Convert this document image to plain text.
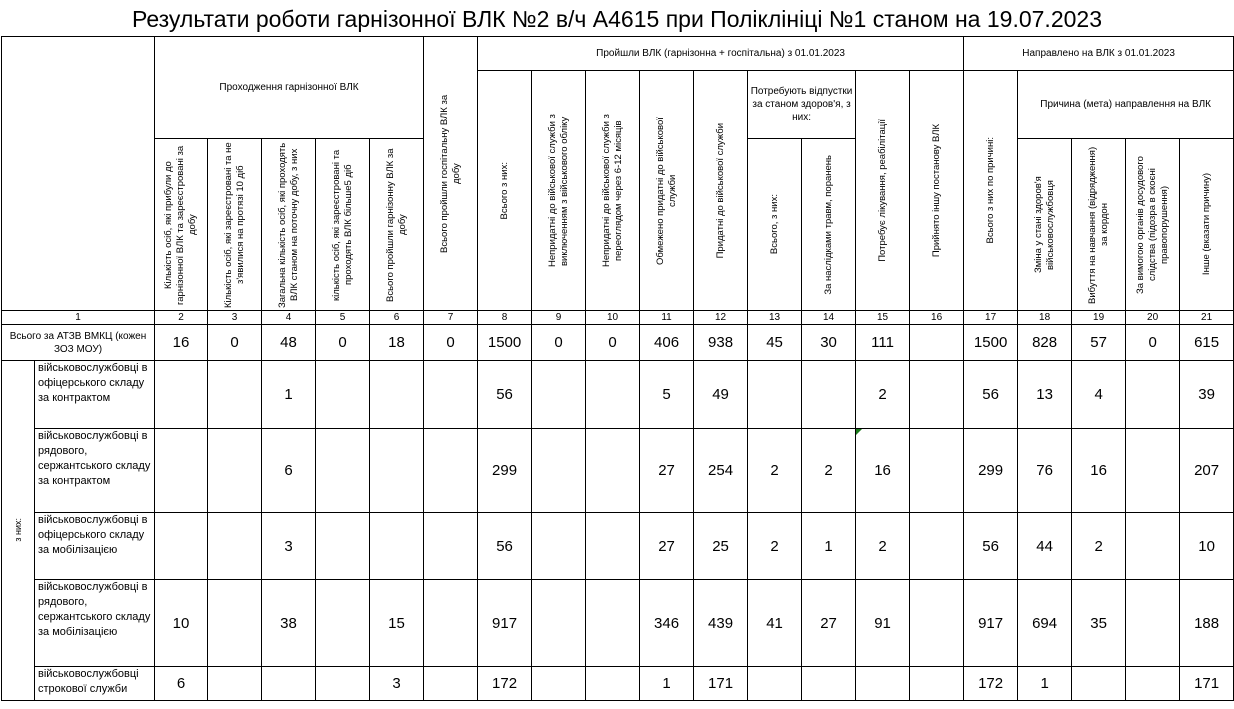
Результати роботи гарнізонної ВЛК №2 в/ч А4615 при Поліклініці №1 станом на 19.07.2023
		Проходження гарнізонної ВЛК					Всього пройшли госпітальну ВЛК за добу	Пройшли ВЛК (гарнізонна + госпітальна) з 01.01.2023									Направлено на ВЛК з 01.01.2023				

								Всього з них:	Непридатні до військової служби з виключенням з військового обліку	Непридатні до військової служби з переоглядом через 6-12 місяців	Обмежено придатні до військової служби	Придатні до військової служби	Потребують відпустки за станом здоров'я, з них:		Потребує лікування, реабілітації	Прийнято іншу постанову ВЛК	Всього з них по причині:	Причина (мета) направлення на ВЛК			

		Кількість осіб, які прибули до гарнізонної ВЛК та зареєстровані за добу	Кількість осіб, які зареєстровані та не з'явилися на протязі 10 діб	Загальна кількість осіб, які проходять ВЛК станом на поточну добу, з них	кількість осіб, які зареєстровані та проходять ВЛК більше5 діб	Всього пройшли гарнізонну ВЛК за добу							Всього, з них:	За наслідками травм, поранень				Зміна у стані здоров'я військовослужбовця	Вибуття на навчання (відрядження) за кордон	За вимогою органів досудового слідства (підозра в скоєні правопорушення)	Інше (вказати причину)

1		2	3	4	5	6	7	8	9	10	11	12	13	14	15	16	17	18	19	20	21
Всього за АТЗВ ВМКЦ (кожен ЗОЗ МОУ)		16	0	48	0	18	0	1500	0	0	406	938	45	30	111		1500	828	57	0	615
з них:	військовослужбовці в офіцерського складу за контрактом			1				56			5	49			2		56	13	4		39
	військовослужбовці в рядового, сержантського складу за контрактом			6				299			27	254	2	2	16		299	76	16		207
	військовослужбовці в офіцерського складу за мобілізацією			3				56			27	25	2	1	2		56	44	2		10
	військовослужбовці в рядового, сержантського складу за мобілізацією	10		38		15		917			346	439	41	27	91		917	694	35		188
	військовослужбовці строкової служби	6				3		172			1	171					172	1			171
